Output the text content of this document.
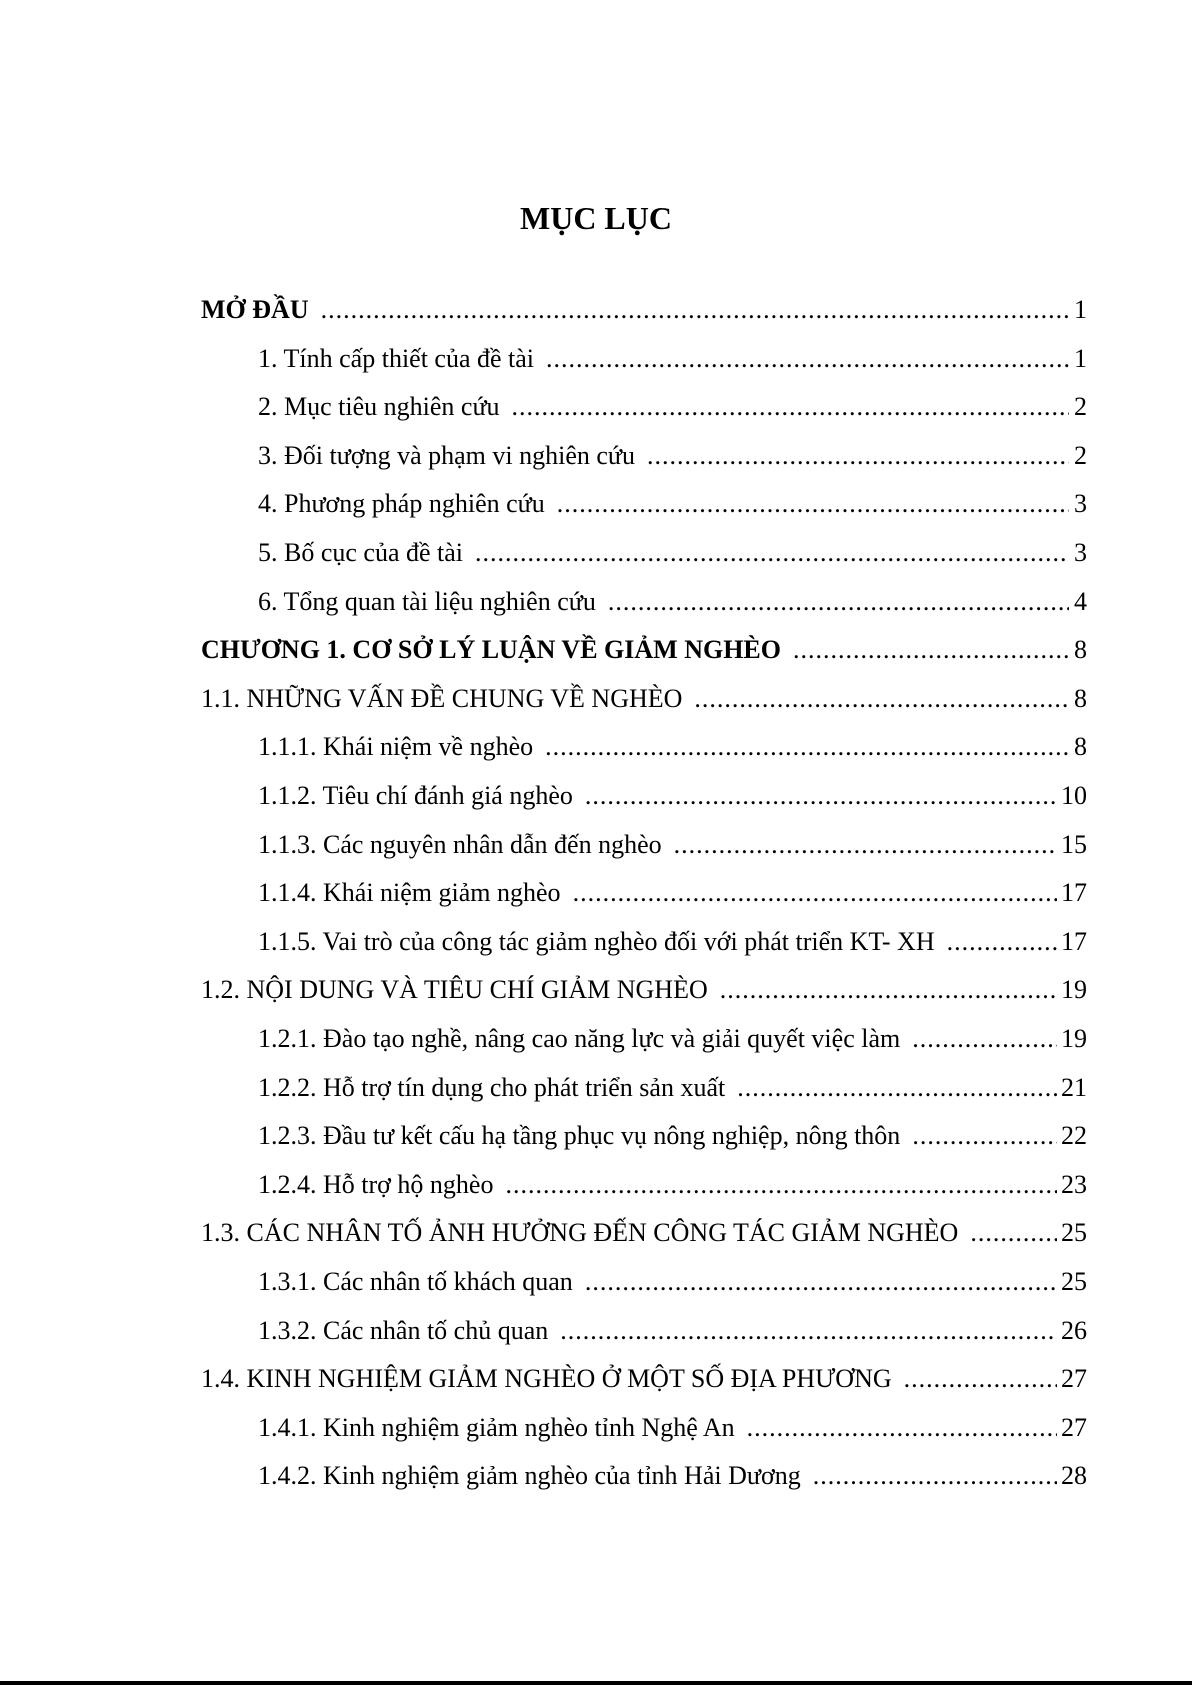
MỤC LỤC
MỞ ĐẦU .....	1
1. Tính cấp thiết của đề tài .....	1
2. Mục tiêu nghiên cứu .....	2
3. Đối tượng và phạm vi nghiên cứu .....	2
4. Phương pháp nghiên cứu .....	3
5. Bố cục của đề tài .....	3
6. Tổng quan tài liệu nghiên cứu .....	4
CHƯƠNG 1. CƠ SỞ LÝ LUẬN VỀ GIẢM NGHÈO .....	8
1.1. NHỮNG VẤN ĐỀ CHUNG VỀ NGHÈO .....	8
1.1.1. Khái niệm về nghèo .....	8
1.1.2. Tiêu chí đánh giá nghèo .....	10
1.1.3. Các nguyên nhân dẫn đến nghèo .....	15
1.1.4. Khái niệm giảm nghèo .....	17
1.1.5. Vai trò của công tác giảm nghèo đối với phát triển KT- XH .....	17
1.2. NỘI DUNG VÀ TIÊU CHÍ GIẢM NGHÈO .....	19
1.2.1. Đào tạo nghề, nâng cao năng lực và giải quyết việc làm .....	19
1.2.2. Hỗ trợ tín dụng cho phát triển sản xuất .....	21
1.2.3. Đầu tư kết cấu hạ tầng phục vụ nông nghiệp, nông thôn .....	22
1.2.4. Hỗ trợ hộ nghèo .....	23
1.3. CÁC NHÂN TỐ ẢNH HƯỞNG ĐẾN CÔNG TÁC GIẢM NGHÈO .....	25
1.3.1. Các nhân tố khách quan .....	25
1.3.2. Các nhân tố chủ quan .....	26
1.4. KINH NGHIỆM GIẢM NGHÈO Ở MỘT SỐ ĐỊA PHƯƠNG .....	27
1.4.1. Kinh nghiệm giảm nghèo tỉnh Nghệ An .....	27
1.4.2. Kinh nghiệm giảm nghèo của tỉnh Hải Dương .....	28
